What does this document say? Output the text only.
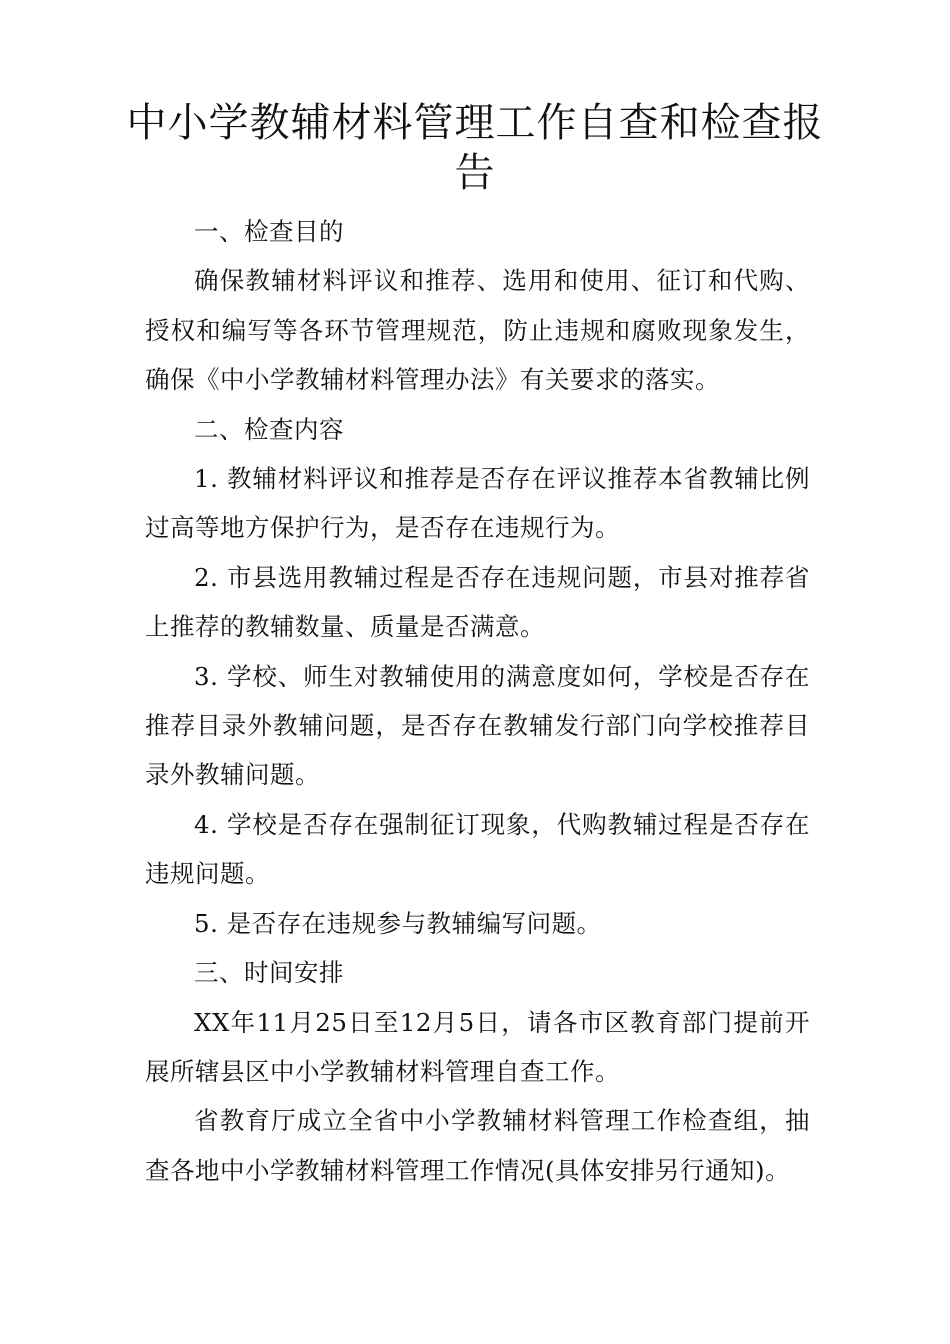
中小学教辅材料管理工作自查和检查报告

一、检查目的

确保教辅材料评议和推荐、选用和使用、征订和代购、授权和编写等各环节管理规范，防止违规和腐败现象发生，确保《中小学教辅材料管理办法》有关要求的落实。

二、检查内容

1. 教辅材料评议和推荐是否存在评议推荐本省教辅比例过高等地方保护行为，是否存在违规行为。

2. 市县选用教辅过程是否存在违规问题，市县对推荐省上推荐的教辅数量、质量是否满意。

3. 学校、师生对教辅使用的满意度如何，学校是否存在推荐目录外教辅问题，是否存在教辅发行部门向学校推荐目录外教辅问题。

4. 学校是否存在强制征订现象，代购教辅过程是否存在违规问题。

5. 是否存在违规参与教辅编写问题。

三、时间安排

XX年11月25日至12月5日，请各市区教育部门提前开展所辖县区中小学教辅材料管理自查工作。

省教育厅成立全省中小学教辅材料管理工作检查组，抽查各地中小学教辅材料管理工作情况(具体安排另行通知)。
